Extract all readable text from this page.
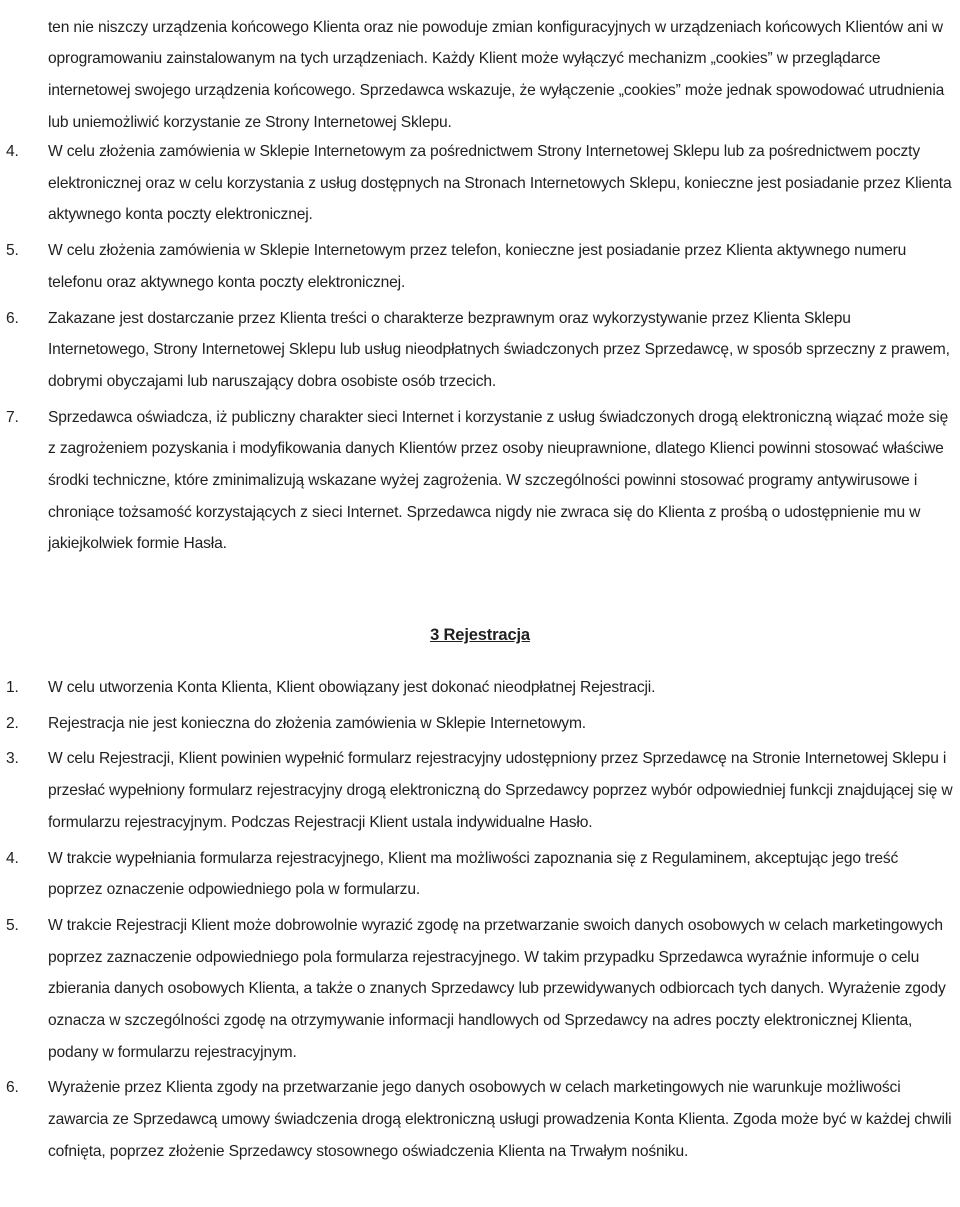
ten nie niszczy urządzenia końcowego Klienta oraz nie powoduje zmian konfiguracyjnych w urządzeniach końcowych Klientów ani w oprogramowaniu zainstalowanym na tych urządzeniach. Każdy Klient może wyłączyć mechanizm „cookies” w przeglądarce internetowej swojego urządzenia końcowego. Sprzedawca wskazuje, że wyłączenie „cookies” może jednak spowodować utrudnienia lub uniemożliwić korzystanie ze Strony Internetowej Sklepu.

4. W celu złożenia zamówienia w Sklepie Internetowym za pośrednictwem Strony Internetowej Sklepu lub za pośrednictwem poczty elektronicznej oraz w celu korzystania z usług dostępnych na Stronach Internetowych Sklepu, konieczne jest posiadanie przez Klienta aktywnego konta poczty elektronicznej.
5. W celu złożenia zamówienia w Sklepie Internetowym przez telefon, konieczne jest posiadanie przez Klienta aktywnego numeru telefonu oraz aktywnego konta poczty elektronicznej.
6. Zakazane jest dostarczanie przez Klienta treści o charakterze bezprawnym oraz wykorzystywanie przez Klienta Sklepu Internetowego, Strony Internetowej Sklepu lub usług nieodpłatnych świadczonych przez Sprzedawcę, w sposób sprzeczny z prawem, dobrymi obyczajami lub naruszający dobra osobiste osób trzecich.
7. Sprzedawca oświadcza, iż publiczny charakter sieci Internet i korzystanie z usług świadczonych drogą elektroniczną wiązać może się z zagrożeniem pozyskania i modyfikowania danych Klientów przez osoby nieuprawnione, dlatego Klienci powinni stosować właściwe środki techniczne, które zminimalizują wskazane wyżej zagrożenia. W szczególności powinni stosować programy antywirusowe i chroniące tożsamość korzystających z sieci Internet. Sprzedawca nigdy nie zwraca się do Klienta z prośbą o udostępnienie mu w jakiejkolwiek formie Hasła.
3 Rejestracja
1. W celu utworzenia Konta Klienta, Klient obowiązany jest dokonać nieodpłatnej Rejestracji.
2. Rejestracja nie jest konieczna do złożenia zamówienia w Sklepie Internetowym.
3. W celu Rejestracji, Klient powinien wypełnić formularz rejestracyjny udostępniony przez Sprzedawcę na Stronie Internetowej Sklepu i przesłać wypełniony formularz rejestracyjny drogą elektroniczną do Sprzedawcy poprzez wybór odpowiedniej funkcji znajdującej się w formularzu rejestracyjnym. Podczas Rejestracji Klient ustala indywidualne Hasło.
4. W trakcie wypełniania formularza rejestracyjnego, Klient ma możliwości zapoznania się z Regulaminem, akceptując jego treść poprzez oznaczenie odpowiedniego pola w formularzu.
5. W trakcie Rejestracji Klient może dobrowolnie wyrazić zgodę na przetwarzanie swoich danych osobowych w celach marketingowych poprzez zaznaczenie odpowiedniego pola formularza rejestracyjnego. W takim przypadku Sprzedawca wyraźnie informuje o celu zbierania danych osobowych Klienta, a także o znanych Sprzedawcy lub przewidywanych odbiorcach tych danych. Wyrażenie zgody oznacza w szczególności zgodę na otrzymywanie informacji handlowych od Sprzedawcy na adres poczty elektronicznej Klienta, podany w formularzu rejestracyjnym.
6. Wyrażenie przez Klienta zgody na przetwarzanie jego danych osobowych w celach marketingowych nie warunkuje możliwości zawarcia ze Sprzedawcą umowy świadczenia drogą elektroniczną usługi prowadzenia Konta Klienta. Zgoda może być w każdej chwili cofnięta, poprzez złożenie Sprzedawcy stosownego oświadczenia Klienta na Trwałym nośniku.
